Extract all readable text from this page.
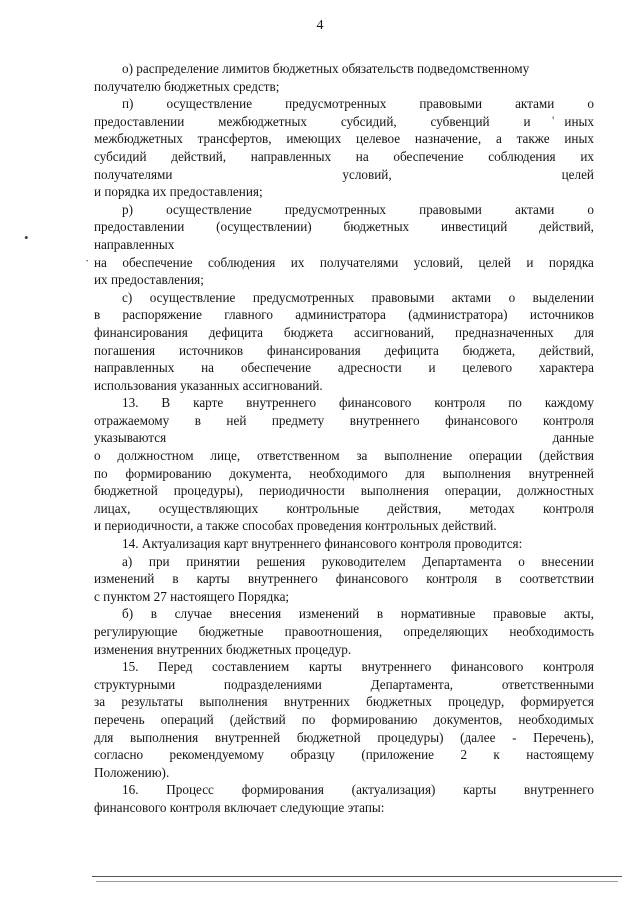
4
о) распределение лимитов бюджетных обязательств подведомственному
получателю бюджетных средств;
п)	осуществление	предусмотренных	правовыми	актами	о
предоставлении	межбюджетных	субсидий,	субвенций	и	иных
межбюджетных трансфертов, имеющих целевое назначение, а также иных
субсидий действий, направленных на обеспечение соблюдения их
получателями	условий,	целей
и порядка их предоставления;
р)	осуществление	предусмотренных	правовыми	актами	о
предоставлении (осуществлении) бюджетных инвестиций действий,
направленных
на обеспечение соблюдения их получателями условий, целей и порядка
их предоставления;
с) осуществление предусмотренных правовыми актами о выделении
в распоряжение главного администратора (администратора) источников
финансирования дефицита бюджета ассигнований, предназначенных для
погашения источников финансирования дефицита бюджета, действий,
направленных на обеспечение адресности и целевого характера
использования указанных ассигнований.
13. В карте внутреннего финансового контроля по каждому
отражаемому в ней предмету внутреннего финансового контроля
указываются	данные
о должностном лице, ответственном за выполнение операции (действия
по формированию документа, необходимого для выполнения внутренней
бюджетной процедуры), периодичности выполнения операции, должностных
лицах, осуществляющих контрольные действия, методах контроля
и периодичности, а также способах проведения контрольных действий.
14. Актуализация карт внутреннего финансового контроля проводится:
а) при принятии решения руководителем Департамента о внесении
изменений в карты внутреннего финансового контроля в соответствии
с пунктом 27 настоящего Порядка;
б) в случае внесения изменений в нормативные правовые акты,
регулирующие бюджетные правоотношения, определяющих необходимость
изменения внутренних бюджетных процедур.
15. Перед составлением карты внутреннего финансового контроля
структурными	подразделениями	Департамента,	ответственными
за результаты выполнения внутренних бюджетных процедур, формируется
перечень операций (действий по формированию документов, необходимых
для выполнения внутренней бюджетной процедуры) (далее - Перечень),
согласно рекомендуемому образцу (приложение 2 к настоящему
Положению).
16. Процесс формирования (актуализация) карты внутреннего
финансового контроля включает следующие этапы:
•
·
'
